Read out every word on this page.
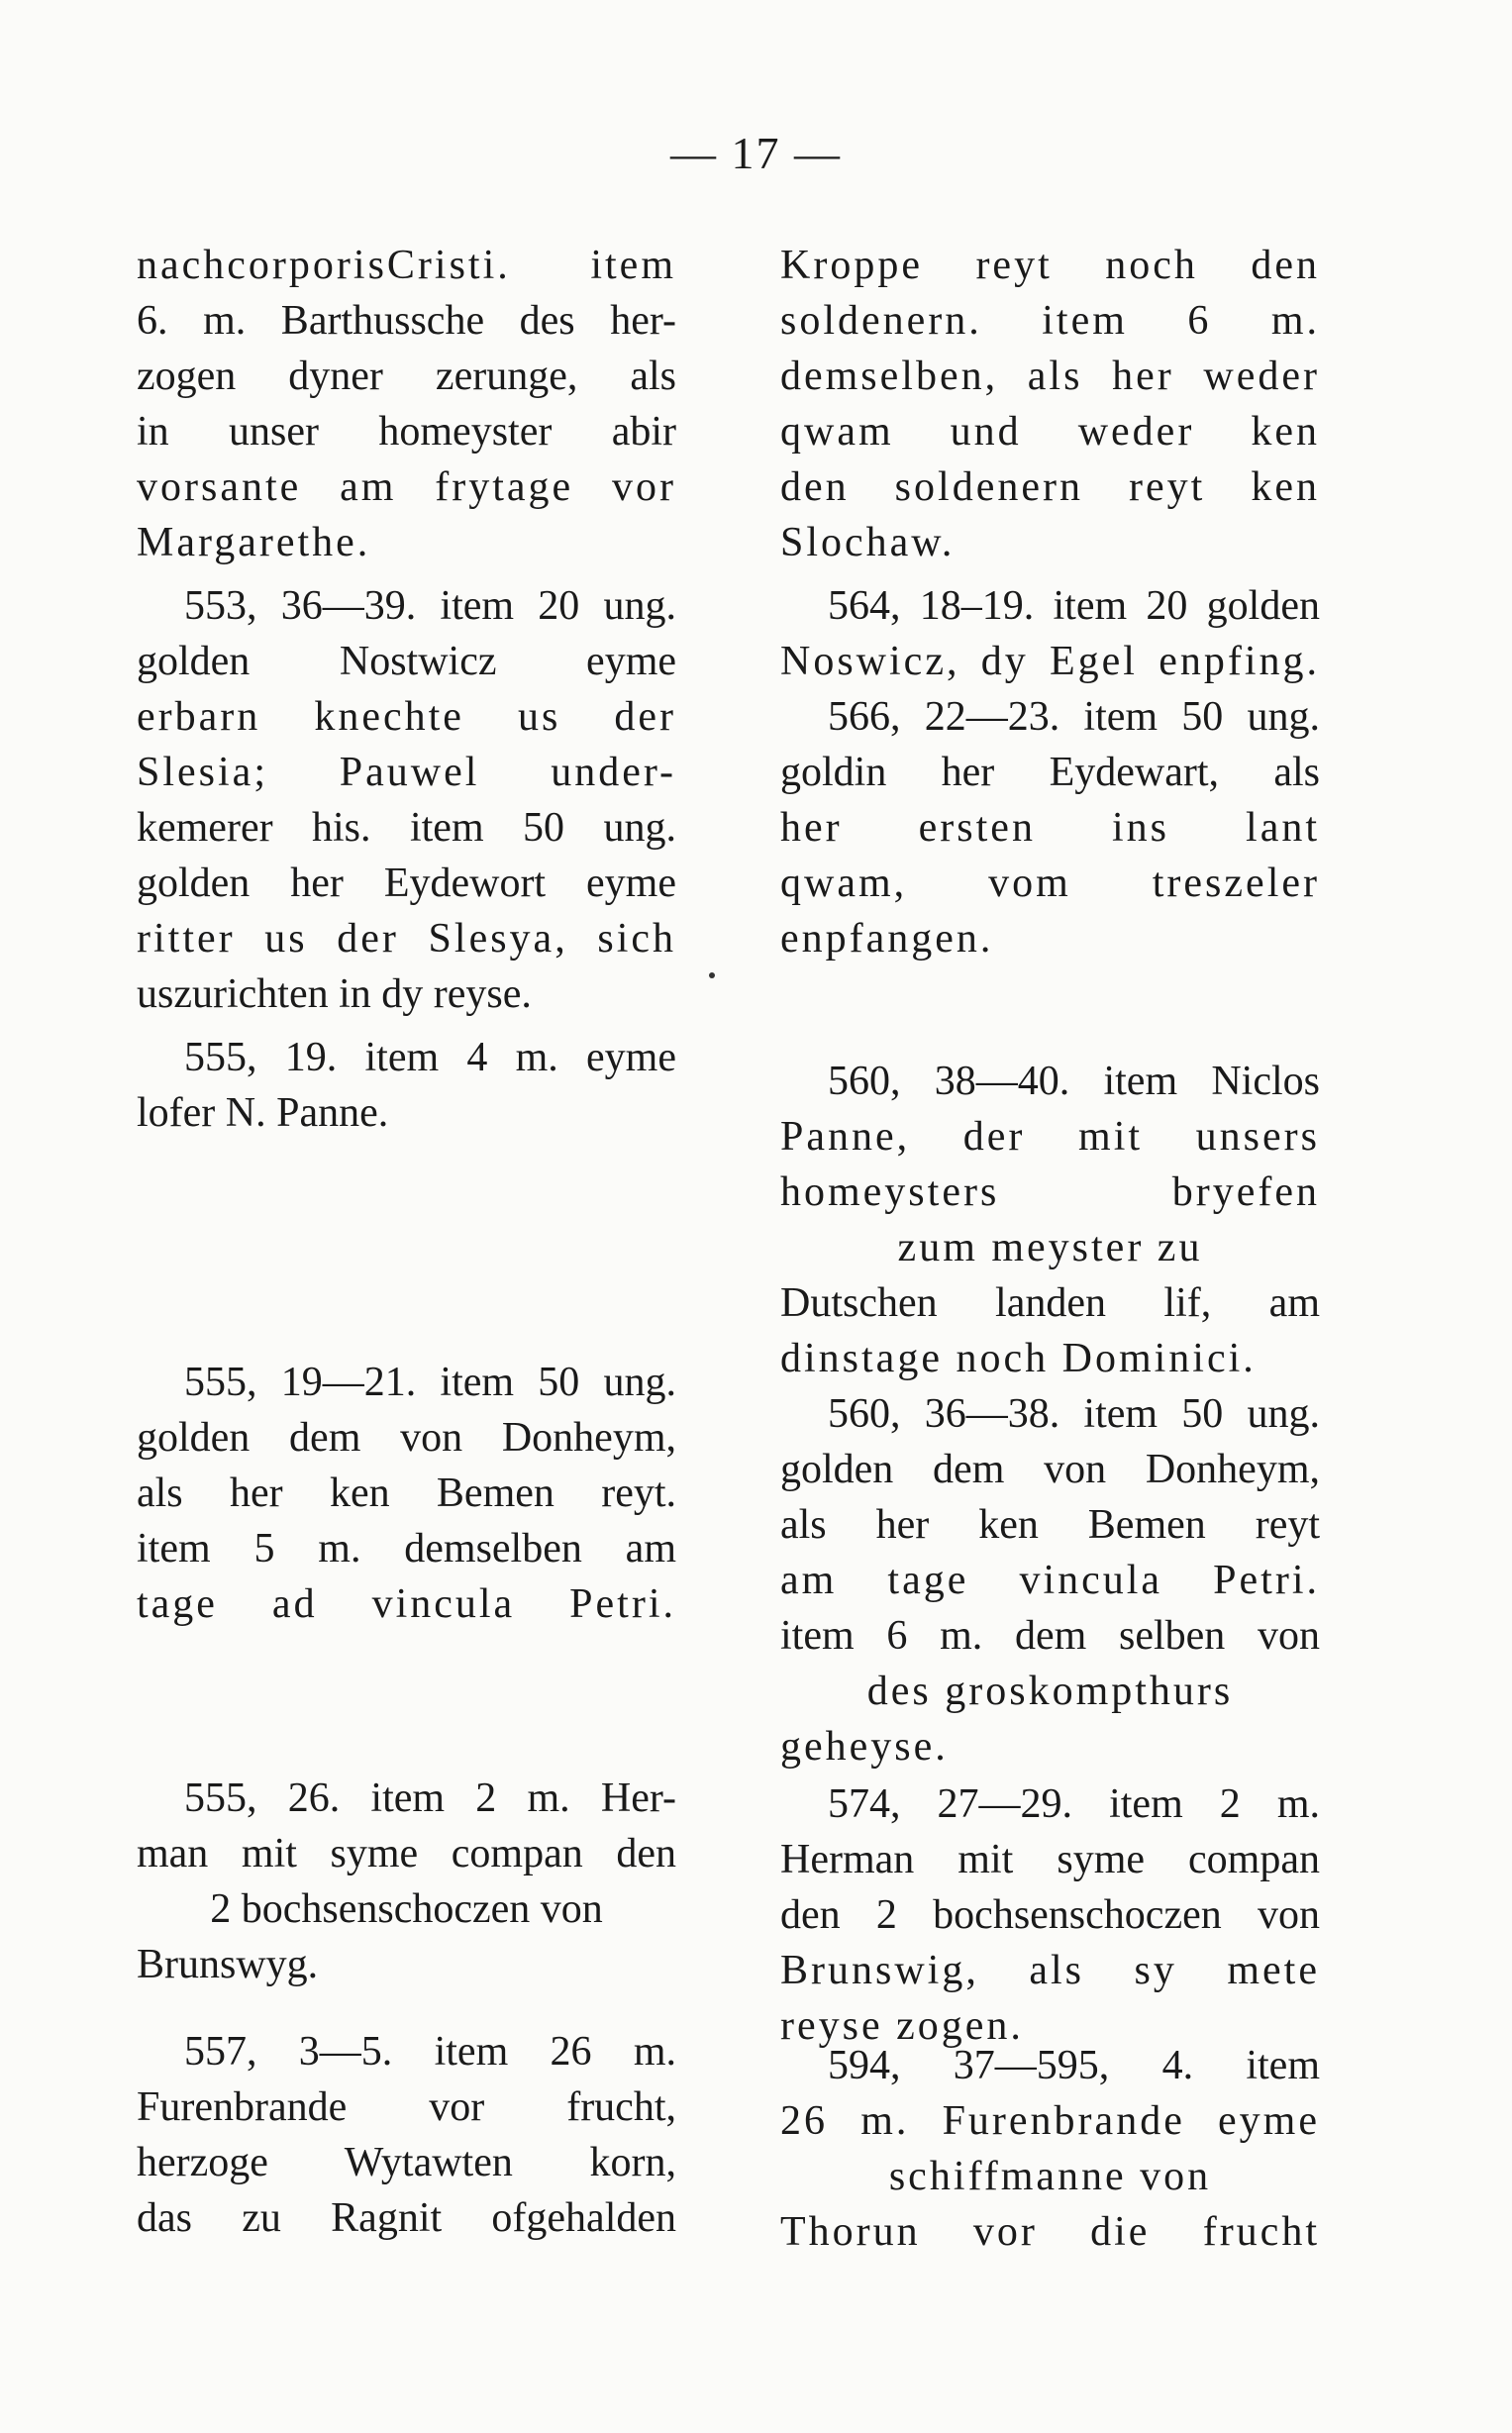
— 17 —
nachcorporisCristi. item
6. m. Barthussche des her-
zogen dyner zerunge, als
in unser homeyster abir
vorsante am frytage vor
Margarethe.
553, 36—39. item 20 ung.
golden Nostwicz eyme
erbarn knechte us der
Slesia; Pauwel under-
kemerer his. item 50 ung.
golden her Eydewort eyme
ritter us der Slesya, sich
uszurichten in dy reyse.
555, 19. item 4 m. eyme
lofer N. Panne.
555, 19—21. item 50 ung.
golden dem von Donheym,
als her ken Bemen reyt.
item 5 m. demselben am
tage ad vincula Petri.
555, 26. item 2 m. Her-
man mit syme compan den
2 bochsenschoczen von
Brunswyg.
557, 3—5. item 26 m.
Furenbrande vor frucht,
herzoge Wytawten korn,
das zu Ragnit ofgehalden
Kroppe reyt noch den
soldenern. item 6 m.
demselben, als her weder
qwam und weder ken
den soldenern reyt ken
Slochaw.
564, 18–19. item 20 golden
Noswicz, dy Egel enpfing.
566, 22—23. item 50 ung.
goldin her Eydewart, als
her ersten ins lant
qwam, vom treszeler
enpfangen.
560, 38—40. item Niclos
Panne, der mit unsers
homeysters bryefen
zum meyster zu
Dutschen landen lif, am
dinstage noch Dominici.
560, 36—38. item 50 ung.
golden dem von Donheym,
als her ken Bemen reyt
am tage vincula Petri.
item 6 m. dem selben von
des groskompthurs
geheyse.
574, 27—29. item 2 m.
Herman mit syme compan
den 2 bochsenschoczen von
Brunswig, als sy mete
reyse zogen.
594, 37—595, 4. item
26 m. Furenbrande eyme
schiffmanne von
Thorun vor die frucht
